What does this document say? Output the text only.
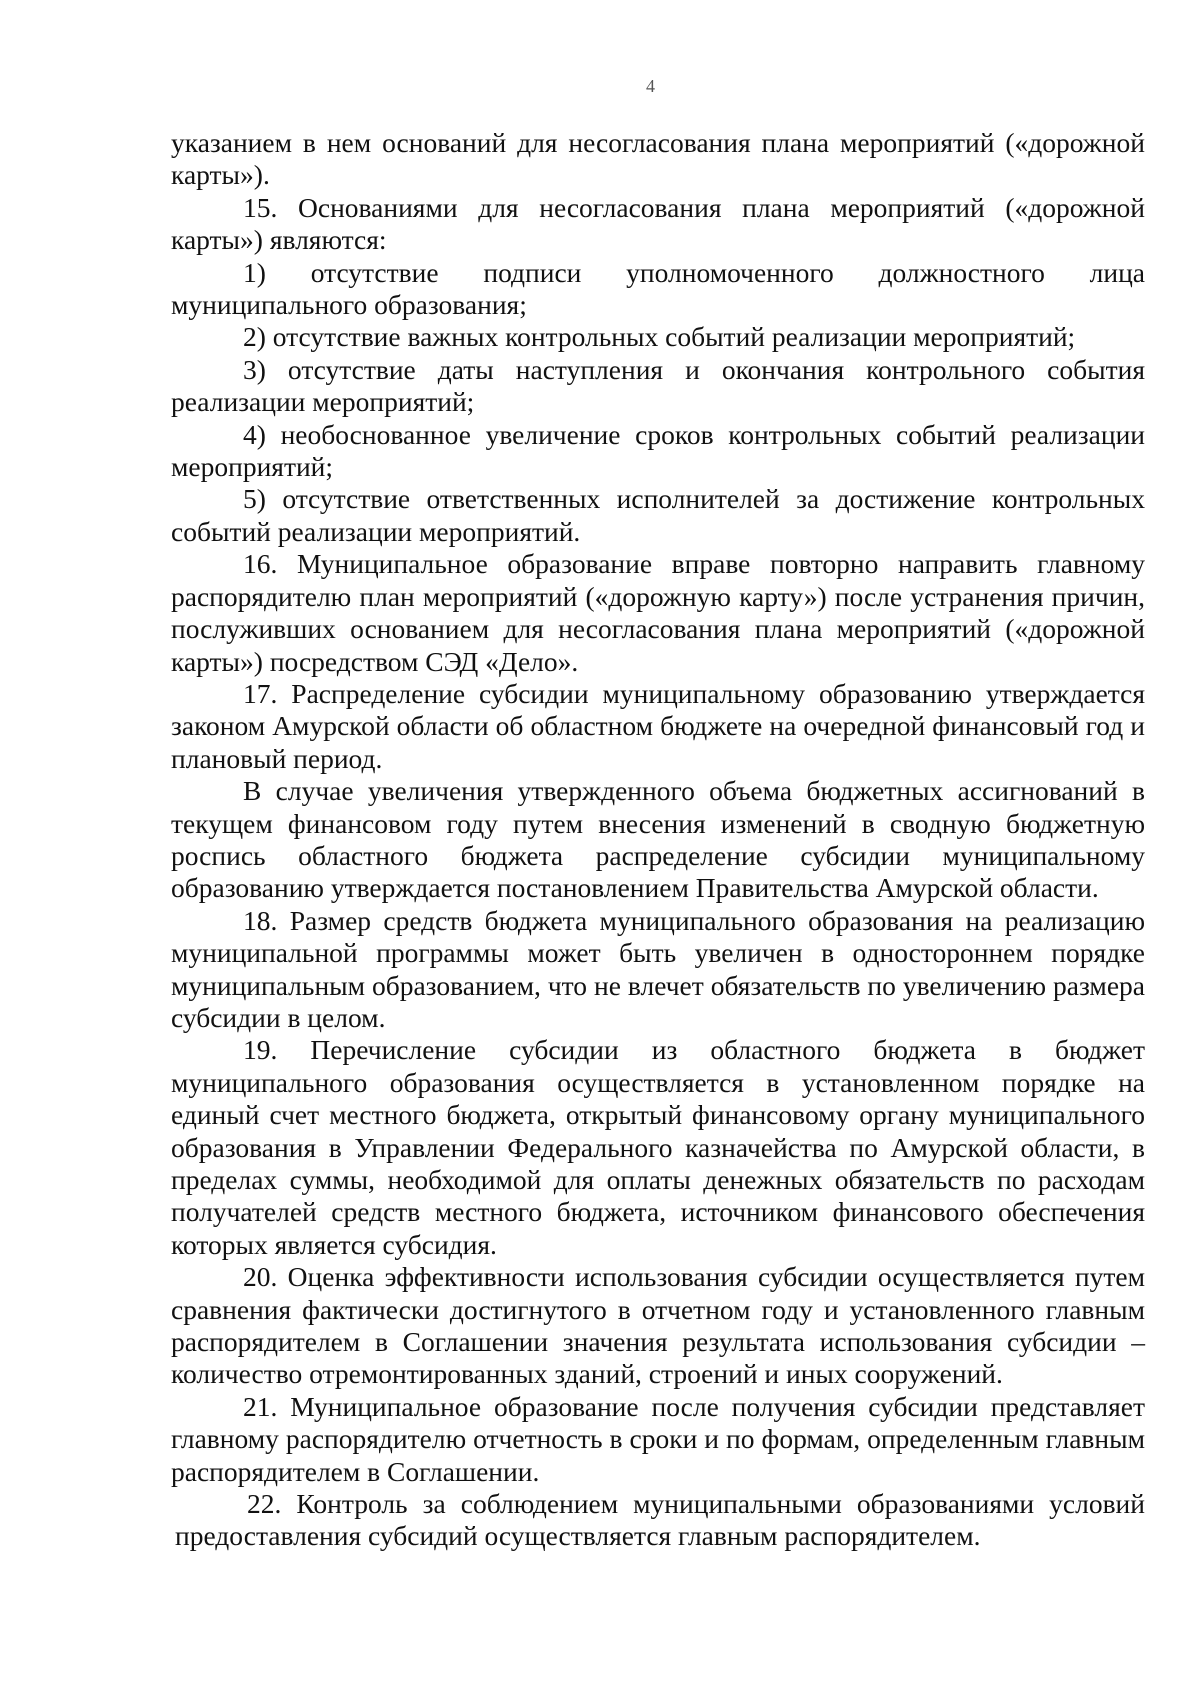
4

указанием в нем оснований для несогласования плана мероприятий («дорожной карты»).

15. Основаниями для несогласования плана мероприятий («дорожной карты») являются:

1) отсутствие подписи уполномоченного должностного лица муниципального образования;

2) отсутствие важных контрольных событий реализации мероприятий;

3) отсутствие даты наступления и окончания контрольного события реализации мероприятий;

4) необоснованное увеличение сроков контрольных событий реализации мероприятий;

5) отсутствие ответственных исполнителей за достижение контрольных событий реализации мероприятий.

16. Муниципальное образование вправе повторно направить главному распорядителю план мероприятий («дорожную карту») после устранения причин, послуживших основанием для несогласования плана мероприятий («дорожной карты») посредством СЭД «Дело».

17. Распределение субсидии муниципальному образованию утверждается законом Амурской области об областном бюджете на очередной финансовый год и плановый период.

В случае увеличения утвержденного объема бюджетных ассигнований в текущем финансовом году путем внесения изменений в сводную бюджетную роспись областного бюджета распределение субсидии муниципальному образованию утверждается постановлением Правительства Амурской области.

18. Размер средств бюджета муниципального образования на реализацию муниципальной программы может быть увеличен в одностороннем порядке муниципальным образованием, что не влечет обязательств по увеличению размера субсидии в целом.

19. Перечисление субсидии из областного бюджета в бюджет муниципального образования осуществляется в установленном порядке на единый счет местного бюджета, открытый финансовому органу муниципального образования в Управлении Федерального казначейства по Амурской области, в пределах суммы, необходимой для оплаты денежных обязательств по расходам получателей средств местного бюджета, источником финансового обеспечения которых является субсидия.

20. Оценка эффективности использования субсидии осуществляется путем сравнения фактически достигнутого в отчетном году и установленного главным распорядителем в Соглашении значения результата использования субсидии – количество отремонтированных зданий, строений и иных сооружений.

21. Муниципальное образование после получения субсидии представляет главному распорядителю отчетность в сроки и по формам, определенным главным распорядителем в Соглашении.

22. Контроль за соблюдением муниципальными образованиями условий предоставления субсидий осуществляется главным распорядителем.
